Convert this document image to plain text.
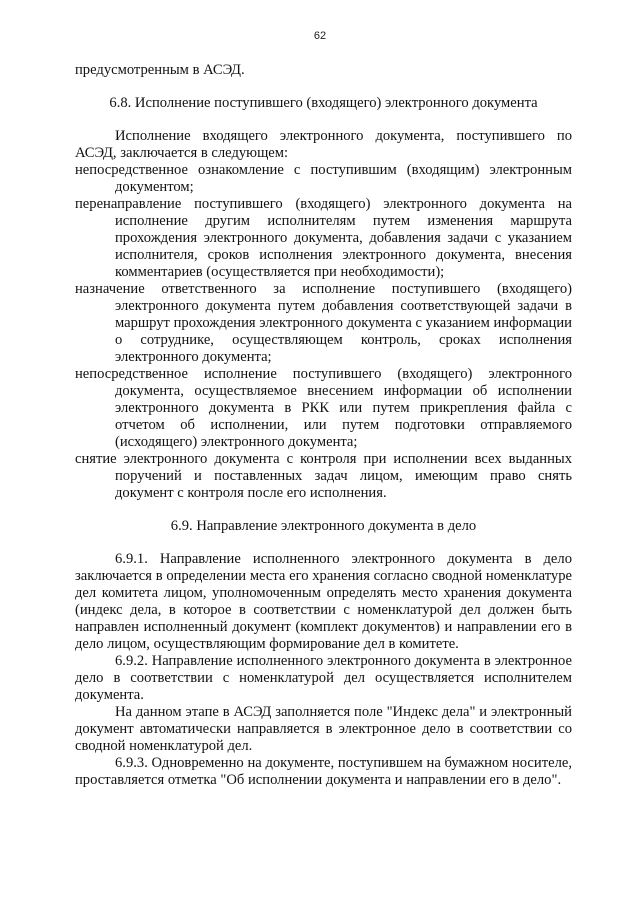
62

предусмотренным в АСЭД.

6.8. Исполнение поступившего (входящего) электронного документа

Исполнение входящего электронного документа, поступившего по АСЭД, заключается в следующем:

непосредственное ознакомление с поступившим (входящим) электронным документом;

перенаправление поступившего (входящего) электронного документа на исполнение другим исполнителям путем изменения маршрута прохождения электронного документа, добавления задачи с указанием исполнителя, сроков исполнения электронного документа, внесения комментариев (осуществляется при необходимости);

назначение ответственного за исполнение поступившего (входящего) электронного документа путем добавления соответствующей задачи в маршрут прохождения электронного документа с указанием информации о сотруднике, осуществляющем контроль, сроках исполнения электронного документа;

непосредственное исполнение поступившего (входящего) электронного документа, осуществляемое внесением информации об исполнении электронного документа в РКК или путем прикрепления файла с отчетом об исполнении, или путем подготовки отправляемого (исходящего) электронного документа;

снятие электронного документа с контроля при исполнении всех выданных поручений и поставленных задач лицом, имеющим право снять документ с контроля после его исполнения.

6.9. Направление электронного документа в дело

6.9.1. Направление исполненного электронного документа в дело заключается в определении места его хранения согласно сводной номенклатуре дел комитета лицом, уполномоченным определять место хранения документа (индекс дела, в которое в соответствии с номенклатурой дел должен быть направлен исполненный документ (комплект документов) и направлении его в дело лицом, осуществляющим формирование дел в комитете.

6.9.2. Направление исполненного электронного документа в электронное дело в соответствии с номенклатурой дел осуществляется исполнителем документа.

На данном этапе в АСЭД заполняется поле "Индекс дела" и электронный документ автоматически направляется в электронное дело в соответствии со сводной номенклатурой дел.

6.9.3. Одновременно на документе, поступившем на бумажном носителе, проставляется отметка "Об исполнении документа и направлении его в дело".
